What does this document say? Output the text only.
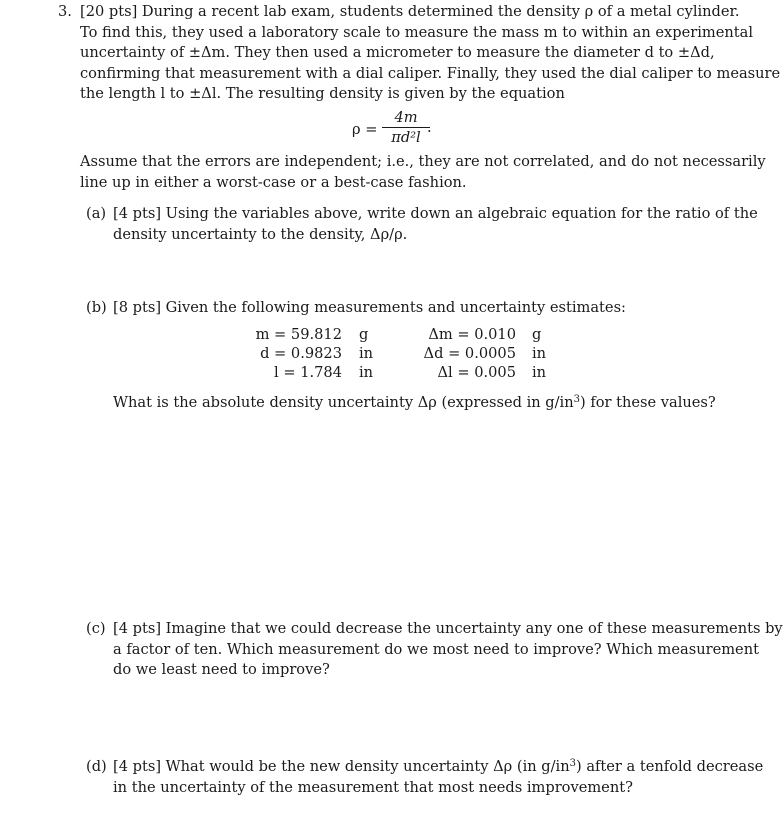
3. [20 pts] During a recent lab exam, students determined the density ρ of a metal cylinder.
To find this, they used a laboratory scale to measure the mass m to within an experimental
uncertainty of ±Δm. They then used a micrometer to measure the diameter d to ±Δd,
confirming that measurement with a dial caliper. Finally, they used the dial caliper to measure
the length l to ±Δl. The resulting density is given by the equation
ρ =
4m
πd²l
.
Assume that the errors are independent; i.e., they are not correlated, and do not necessarily
line up in either a worst-case or a best-case fashion.
(a) [4 pts] Using the variables above, write down an algebraic equation for the ratio of the
density uncertainty to the density, Δρ/ρ.
(b) [8 pts] Given the following measurements and uncertainty estimates:
m = 59.812 g	Δm = 0.010 g
d = 0.9823 in	Δd = 0.0005 in
l = 1.784 in	Δl = 0.005 in
What is the absolute density uncertainty Δρ (expressed in $g/in^3$) for these values?
(c) [4 pts] Imagine that we could decrease the uncertainty any one of these measurements by
a factor of ten. Which measurement do we most need to improve? Which measurement
do we least need to improve?
(d) [4 pts] What would be the new density uncertainty Δρ (in $g/in^3$) after a tenfold decrease
in the uncertainty of the measurement that most needs improvement?
